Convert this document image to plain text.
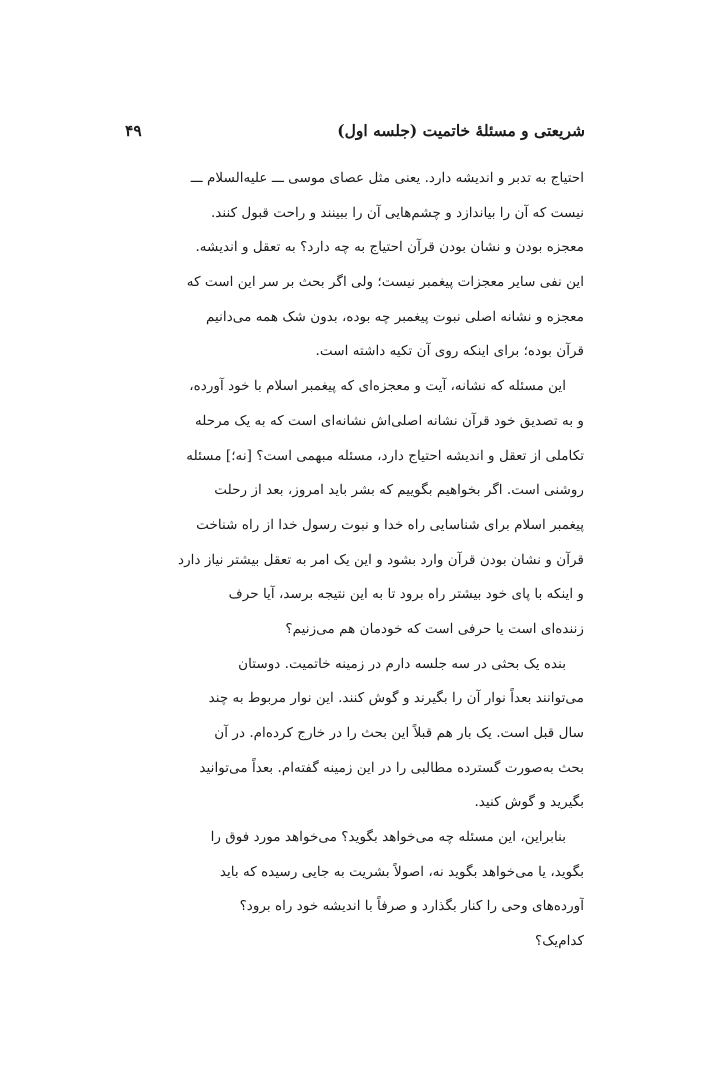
۴۹	شریعتی و مسئلهٔ خاتمیت (جلسه اول)
احتیاج به تدبر و اندیشه دارد. یعنی مثل عصای موسی ـــ علیه‌السلام ـــ
نیست که آن را بیاندازد و چشم‌هایی آن را ببینند و راحت قبول کنند.
معجزه بودن و نشان بودن قرآن احتیاج به چه دارد؟ به تعقل و اندیشه.
این نفی سایر معجزات پیغمبر نیست؛ ولی اگر بحث بر سر این است که
معجزه و نشانه اصلی نبوت پیغمبر چه بوده، بدون شک همه می‌دانیم
قرآن بوده؛ برای اینکه روی آن تکیه داشته است.
این مسئله که نشانه، آیت و معجزه‌ای که پیغمبر اسلام با خود آورده،
و به تصدیق خود قرآن نشانه اصلی‌اش نشانه‌ای است که به یک مرحله
تکاملی از تعقل و اندیشه احتیاج دارد، مسئله مبهمی است؟ [نه؛] مسئله
روشنی است. اگر بخواهیم بگوییم که بشر باید امروز، بعد از رحلت
پیغمبر اسلام برای شناسایی راه خدا و نبوت رسول خدا از راه شناخت
قرآن و نشان بودن قرآن وارد بشود و این یک امر به تعقل بیشتر نیاز دارد
و اینکه با پای خود بیشتر راه برود تا به این نتیجه برسد، آیا حرف
زننده‌ای است یا حرفی است که خودمان هم می‌زنیم؟
بنده یک بحثی در سه جلسه دارم در زمینه خاتمیت. دوستان
می‌توانند بعداً نوار آن را بگیرند و گوش کنند. این نوار مربوط به چند
سال قبل است. یک بار هم قبلاً این بحث را در خارج کرده‌ام. در آن
بحث به‌صورت گسترده مطالبی را در این زمینه گفته‌ام. بعداً می‌توانید
بگیرید و گوش کنید.
بنابراین، این مسئله چه می‌خواهد بگوید؟ می‌خواهد مورد فوق را
بگوید، یا می‌خواهد بگوید نه، اصولاً بشریت به جایی رسیده که باید
آورده‌های وحی را کنار بگذارد و صرفاً با اندیشه خود راه برود؟
کدام‌یک؟
